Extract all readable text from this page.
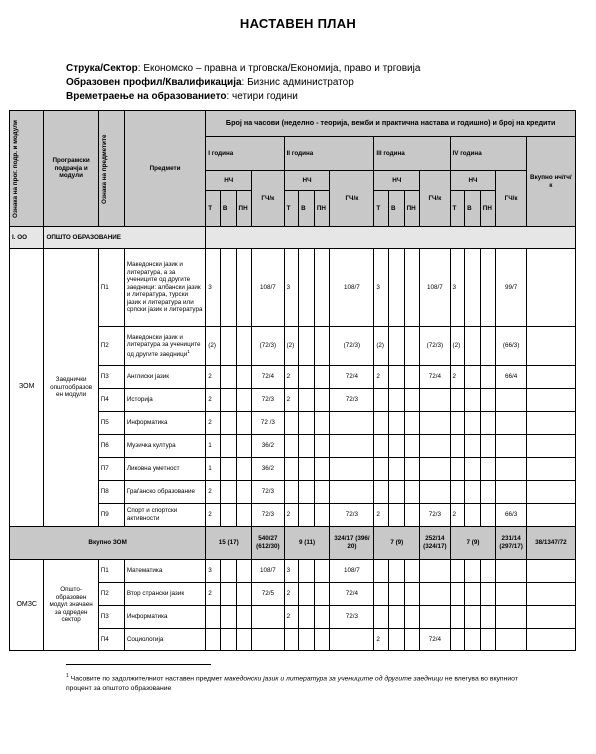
НАСТАВЕН ПЛАН
Струка/Сектор: Економско – правна и трговска/Економија, право и трговија
Образовен профил/Квалификација: Бизнис администратор
Времетраење на образованието: четири години
Ознака на прог. подр. и модули	Програмски подрачја и модули	Ознака на предметите	Предмети	Број на часови (неделно - теорија, вежби и практична настава и годишно) и број на кредити																
				I година				II година				III година				IV година				Вкупно нч/гч/к
				НЧ			ГЧ/к	НЧ			ГЧ/к	НЧ			ГЧ/к	НЧ			ГЧ/к	
				Т	В	ПН		Т	В	ПН		Т	В	ПН		Т	В	ПН		
I. ОО	ОПШТО ОБРАЗОВАНИЕ																			
ЗОМ	Заеднички општообразов ен модули	П1	Македонски јазик и литература, а за учениците од другите заедници: албански јазик и литература, турски јазик и литература или српски јазик и литература	3			108/7	3			108/7	3			108/7	3			99/7	
		П2	Македонски јазик и литература за учениците од другите заедници$^1$	(2)			(72/3)	(2)			(72/3)	(2)			(72/3)	(2)			(66/3)	
		П3	Англиски јазик	2			72/4	2			72/4	2			72/4	2			66/4	
		П4	Историја	2			72/3	2			72/3									
		П5	Информатика	2			72 /3													
		П6	Музичка култура	1			36/2													
		П7	Ликовна уметност	1			36/2													
		П8	Граѓанско образование	2			72/3													
		П9	Спорт и спортски активности	2			72/3	2			72/3	2			72/3	2			66/3	
Вкупно ЗОМ				15 (17)			540/27 (612/30)	9 (11)			324/17 (396/ 20)	7 (9)			252/14 (324/17)	7 (9)			231/14 (297/17)	38/1347/72
ОМЗС	Општо-образовен модул значаен за одреден сектор	П1	Математика	3			108/7	3			108/7									
		П2	Втор странски јазик	2			72/5	2			72/4									
		П3	Информатика					2			72/3									
		П4	Социологија									2			72/4					
$^1$ Часовите по задолжителниот наставен предмет македонски јазик и литература за учениците од другите заедници не влегува во вкупниот процент за општото образование
